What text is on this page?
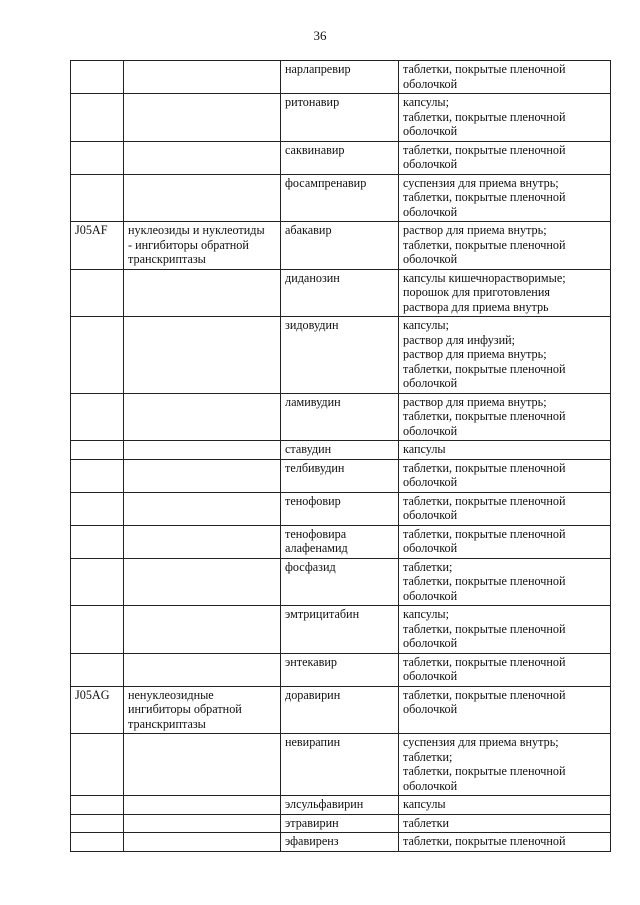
36

		нарлапревир	таблетки, покрытые пленочной
оболочкой

		ритонавир	капсулы;
таблетки, покрытые пленочной
оболочкой

		саквинавир	таблетки, покрытые пленочной
оболочкой

		фосампренавир	суспензия для приема внутрь;
таблетки, покрытые пленочной
оболочкой

J05AF	нуклеозиды и нуклеотиды
- ингибиторы обратной
транскриптазы	абакавир	раствор для приема внутрь;
таблетки, покрытые пленочной
оболочкой

		диданозин	капсулы кишечнорастворимые;
порошок для приготовления
раствора для приема внутрь

		зидовудин	капсулы;
раствор для инфузий;
раствор для приема внутрь;
таблетки, покрытые пленочной
оболочкой

		ламивудин	раствор для приема внутрь;
таблетки, покрытые пленочной
оболочкой

		ставудин	капсулы

		телбивудин	таблетки, покрытые пленочной
оболочкой

		тенофовир	таблетки, покрытые пленочной
оболочкой

		тенофовира
алафенамид	таблетки, покрытые пленочной
оболочкой

		фосфазид	таблетки;
таблетки, покрытые пленочной
оболочкой

		эмтрицитабин	капсулы;
таблетки, покрытые пленочной
оболочкой

		энтекавир	таблетки, покрытые пленочной
оболочкой

J05AG	ненуклеозидные
ингибиторы обратной
транскриптазы	доравирин	таблетки, покрытые пленочной
оболочкой

		невирапин	суспензия для приема внутрь;
таблетки;
таблетки, покрытые пленочной
оболочкой

		элсульфавирин	капсулы

		этравирин	таблетки

		эфавиренз	таблетки, покрытые пленочной
